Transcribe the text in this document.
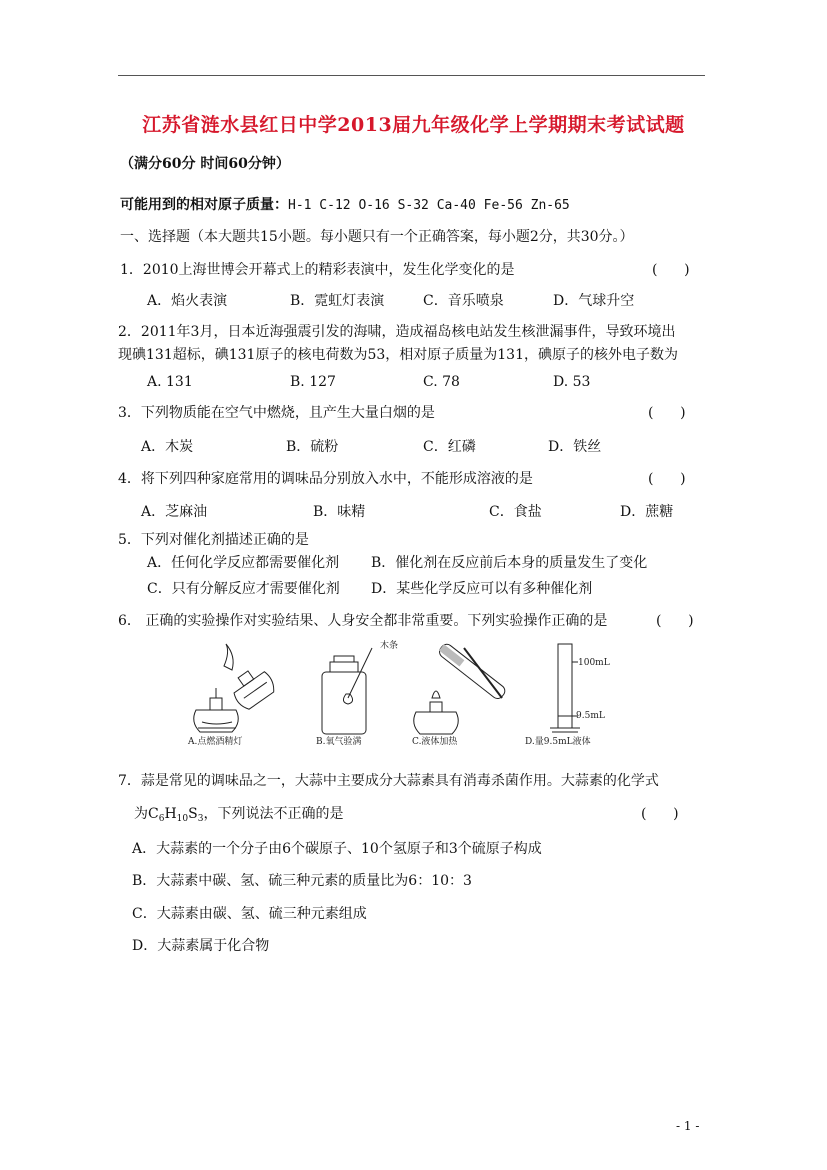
江苏省涟水县红日中学2013届九年级化学上学期期末考试试题
（满分60分 时间60分钟）
可能用到的相对原子质量：H-1 C-12 O-16 S-32 Ca-40 Fe-56 Zn-65
一、选择题（本大题共15小题。每小题只有一个正确答案，每小题2分，共30分。）
1．2010上海世博会开幕式上的精彩表演中，发生化学变化的是	(      )
A．焰火表演	B．霓虹灯表演	C．音乐喷泉	D．气球升空
2．2011年3月，日本近海强震引发的海啸，造成福岛核电站发生核泄漏事件，导致环境出
现碘131超标，碘131原子的核电荷数为53，相对原子质量为131，碘原子的核外电子数为
A. 131	B. 127	C. 78	D. 53
3．下列物质能在空气中燃烧，且产生大量白烟的是	(      )
A．木炭	B．硫粉	C．红磷	D．铁丝
4．将下列四种家庭常用的调味品分别放入水中，不能形成溶液的是	(      )
A．芝麻油	B．味精	C．食盐	D．蔗糖
5．下列对催化剂描述正确的是
A．任何化学反应都需要催化剂 B．催化剂在反应前后本身的质量发生了变化
C．只有分解反应才需要催化剂 D．某些化学反应可以有多种催化剂
6． 正确的实验操作对实验结果、人身安全都非常重要。下列实验操作正确的是	(      )
A.点燃酒精灯
木条
B.氧气验满	C.液体加热
100mL
9.5mL
D.量9.5mL液体
7．蒜是常见的调味品之一，大蒜中主要成分大蒜素具有消毒杀菌作用。大蒜素的化学式
为$C_6H_{10}S_3$，下列说法不正确的是	(      )
A．大蒜素的一个分子由6个碳原子、10个氢原子和3个硫原子构成
B．大蒜素中碳、氢、硫三种元素的质量比为6：10：3
C．大蒜素由碳、氢、硫三种元素组成
D．大蒜素属于化合物
- 1 -
